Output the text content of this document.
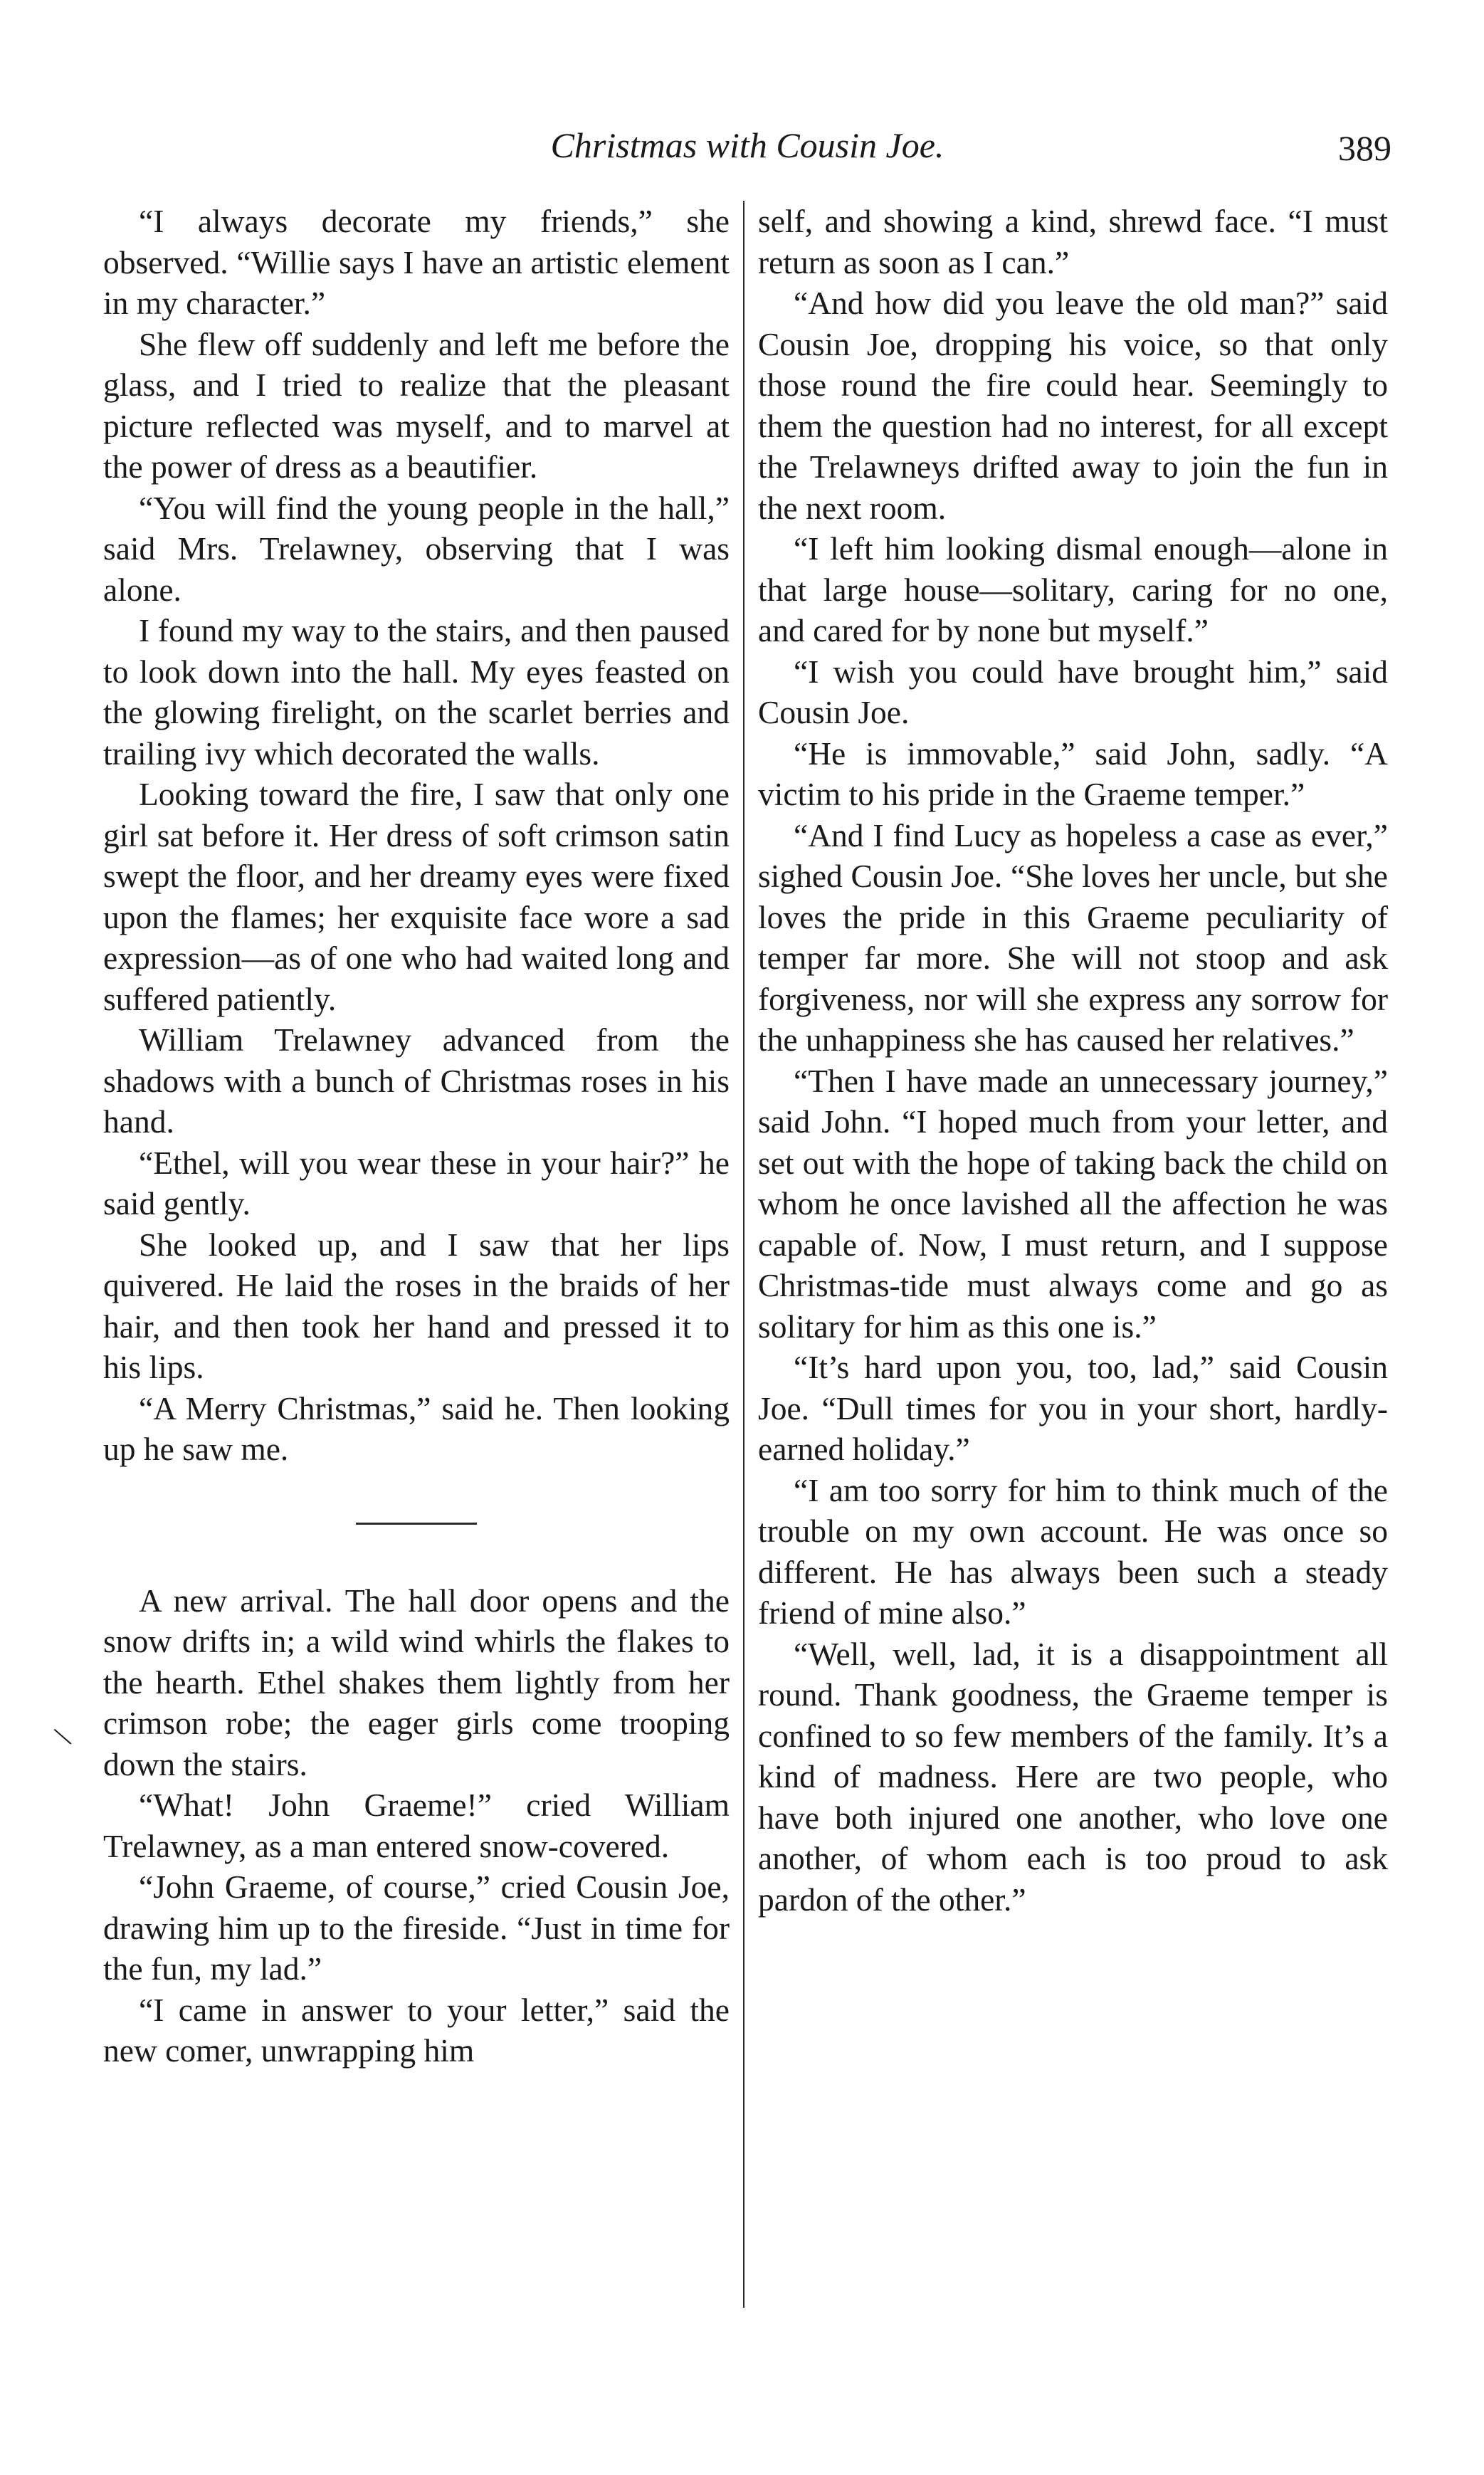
Christmas with Cousin Joe.	389
\

“I always decorate my friends,” she observed. “Willie says I have an artistic element in my character.”

She flew off suddenly and left me before the glass, and I tried to realize that the pleasant picture reflected was myself, and to marvel at the power of dress as a beautifier.

“You will find the young people in the hall,” said Mrs. Trelawney, observing that I was alone.

I found my way to the stairs, and then paused to look down into the hall. My eyes feasted on the glowing firelight, on the scarlet berries and trailing ivy which decorated the walls.

Looking toward the fire, I saw that only one girl sat before it. Her dress of soft crimson satin swept the floor, and her dreamy eyes were fixed upon the flames; her exquisite face wore a sad expression—as of one who had waited long and suffered patiently.

William Trelawney advanced from the shadows with a bunch of Christmas roses in his hand.

“Ethel, will you wear these in your hair?” he said gently.

She looked up, and I saw that her lips quivered. He laid the roses in the braids of her hair, and then took her hand and pressed it to his lips.

“A Merry Christmas,” said he. Then looking up he saw me.

A new arrival. The hall door opens and the snow drifts in; a wild wind whirls the flakes to the hearth. Ethel shakes them lightly from her crimson robe; the eager girls come trooping down the stairs.

“What! John Graeme!” cried William Trelawney, as a man entered snow-covered.

“John Graeme, of course,” cried Cousin Joe, drawing him up to the fireside. “Just in time for the fun, my lad.”

“I came in answer to your letter,” said the new comer, unwrapping him

self, and showing a kind, shrewd face. “I must return as soon as I can.”

“And how did you leave the old man?” said Cousin Joe, dropping his voice, so that only those round the fire could hear. Seemingly to them the question had no interest, for all except the Trelawneys drifted away to join the fun in the next room.

“I left him looking dismal enough—alone in that large house—solitary, caring for no one, and cared for by none but myself.”

“I wish you could have brought him,” said Cousin Joe.

“He is immovable,” said John, sadly. “A victim to his pride in the Graeme temper.”

“And I find Lucy as hopeless a case as ever,” sighed Cousin Joe. “She loves her uncle, but she loves the pride in this Graeme peculiarity of temper far more. She will not stoop and ask forgiveness, nor will she express any sorrow for the unhappiness she has caused her relatives.”

“Then I have made an unnecessary journey,” said John. “I hoped much from your letter, and set out with the hope of taking back the child on whom he once lavished all the affection he was capable of. Now, I must return, and I suppose Christmas-tide must always come and go as solitary for him as this one is.”

“It’s hard upon you, too, lad,” said Cousin Joe. “Dull times for you in your short, hardly-earned holiday.”

“I am too sorry for him to think much of the trouble on my own account. He was once so different. He has always been such a steady friend of mine also.”

“Well, well, lad, it is a disappointment all round. Thank goodness, the Graeme temper is confined to so few members of the family. It’s a kind of madness. Here are two people, who have both injured one another, who love one another, of whom each is too proud to ask pardon of the other.”
